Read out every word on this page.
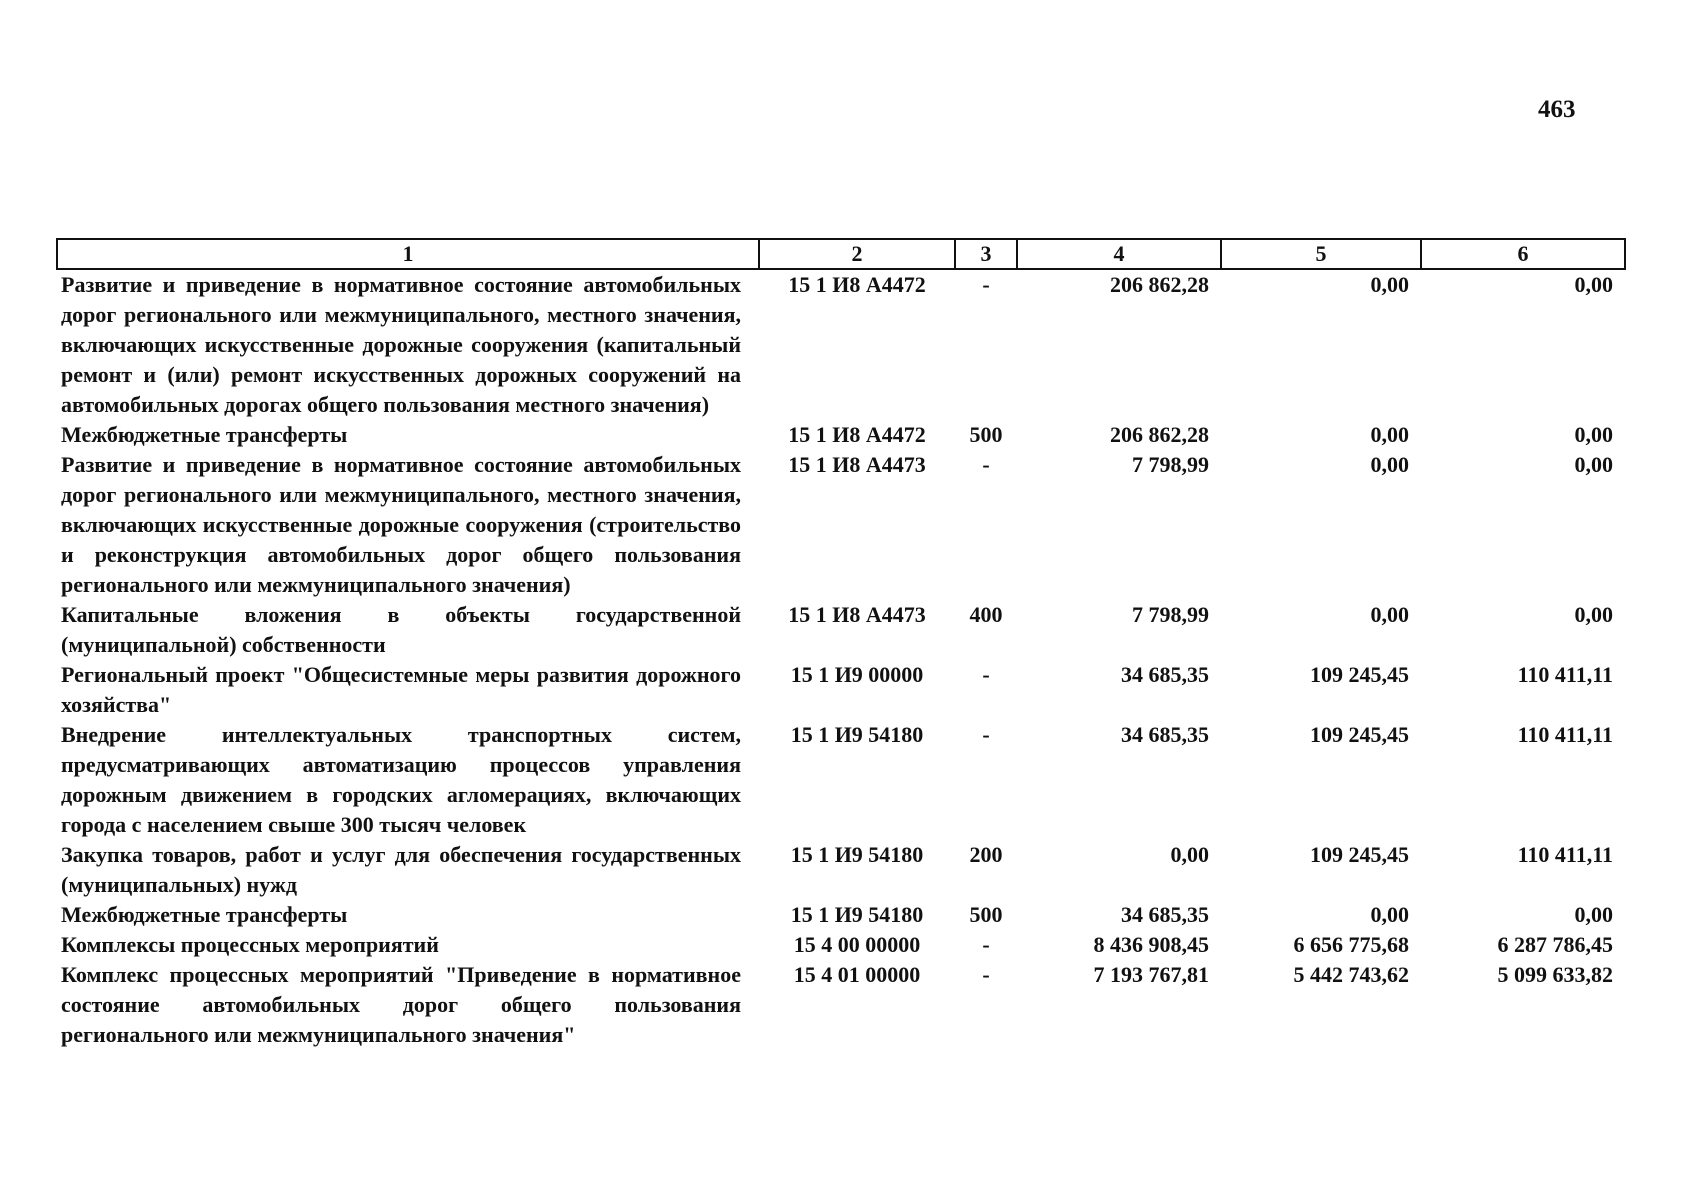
463
1	2	3	4	5	6
Развитие и приведение в нормативное состояние автомобильных дорог регионального или межмуниципального, местного значения, включающих искусственные дорожные сооружения (капитальный ремонт и (или) ремонт искусственных дорожных сооружений на автомобильных дорогах общего пользования местного значения)	15 1 И8 А4472	-	206 862,28	0,00	0,00
Межбюджетные трансферты	15 1 И8 А4472	500	206 862,28	0,00	0,00
Развитие и приведение в нормативное состояние автомобильных дорог регионального или межмуниципального, местного значения, включающих искусственные дорожные сооружения (строительство и реконструкция автомобильных дорог общего пользования регионального или межмуниципального значения)	15 1 И8 А4473	-	7 798,99	0,00	0,00
Капитальные вложения в объекты государственной (муниципальной) собственности	15 1 И8 А4473	400	7 798,99	0,00	0,00
Региональный проект "Общесистемные меры развития дорожного хозяйства"	15 1 И9 00000	-	34 685,35	109 245,45	110 411,11
Внедрение интеллектуальных транспортных систем, предусматривающих автоматизацию процессов управления дорожным движением в городских агломерациях, включающих города с населением свыше 300 тысяч человек	15 1 И9 54180	-	34 685,35	109 245,45	110 411,11
Закупка товаров, работ и услуг для обеспечения государственных (муниципальных) нужд	15 1 И9 54180	200	0,00	109 245,45	110 411,11
Межбюджетные трансферты	15 1 И9 54180	500	34 685,35	0,00	0,00
Комплексы процессных мероприятий	15 4 00 00000	-	8 436 908,45	6 656 775,68	6 287 786,45
Комплекс процессных мероприятий "Приведение в нормативное состояние автомобильных дорог общего пользования регионального или межмуниципального значения"	15 4 01 00000	-	7 193 767,81	5 442 743,62	5 099 633,82
